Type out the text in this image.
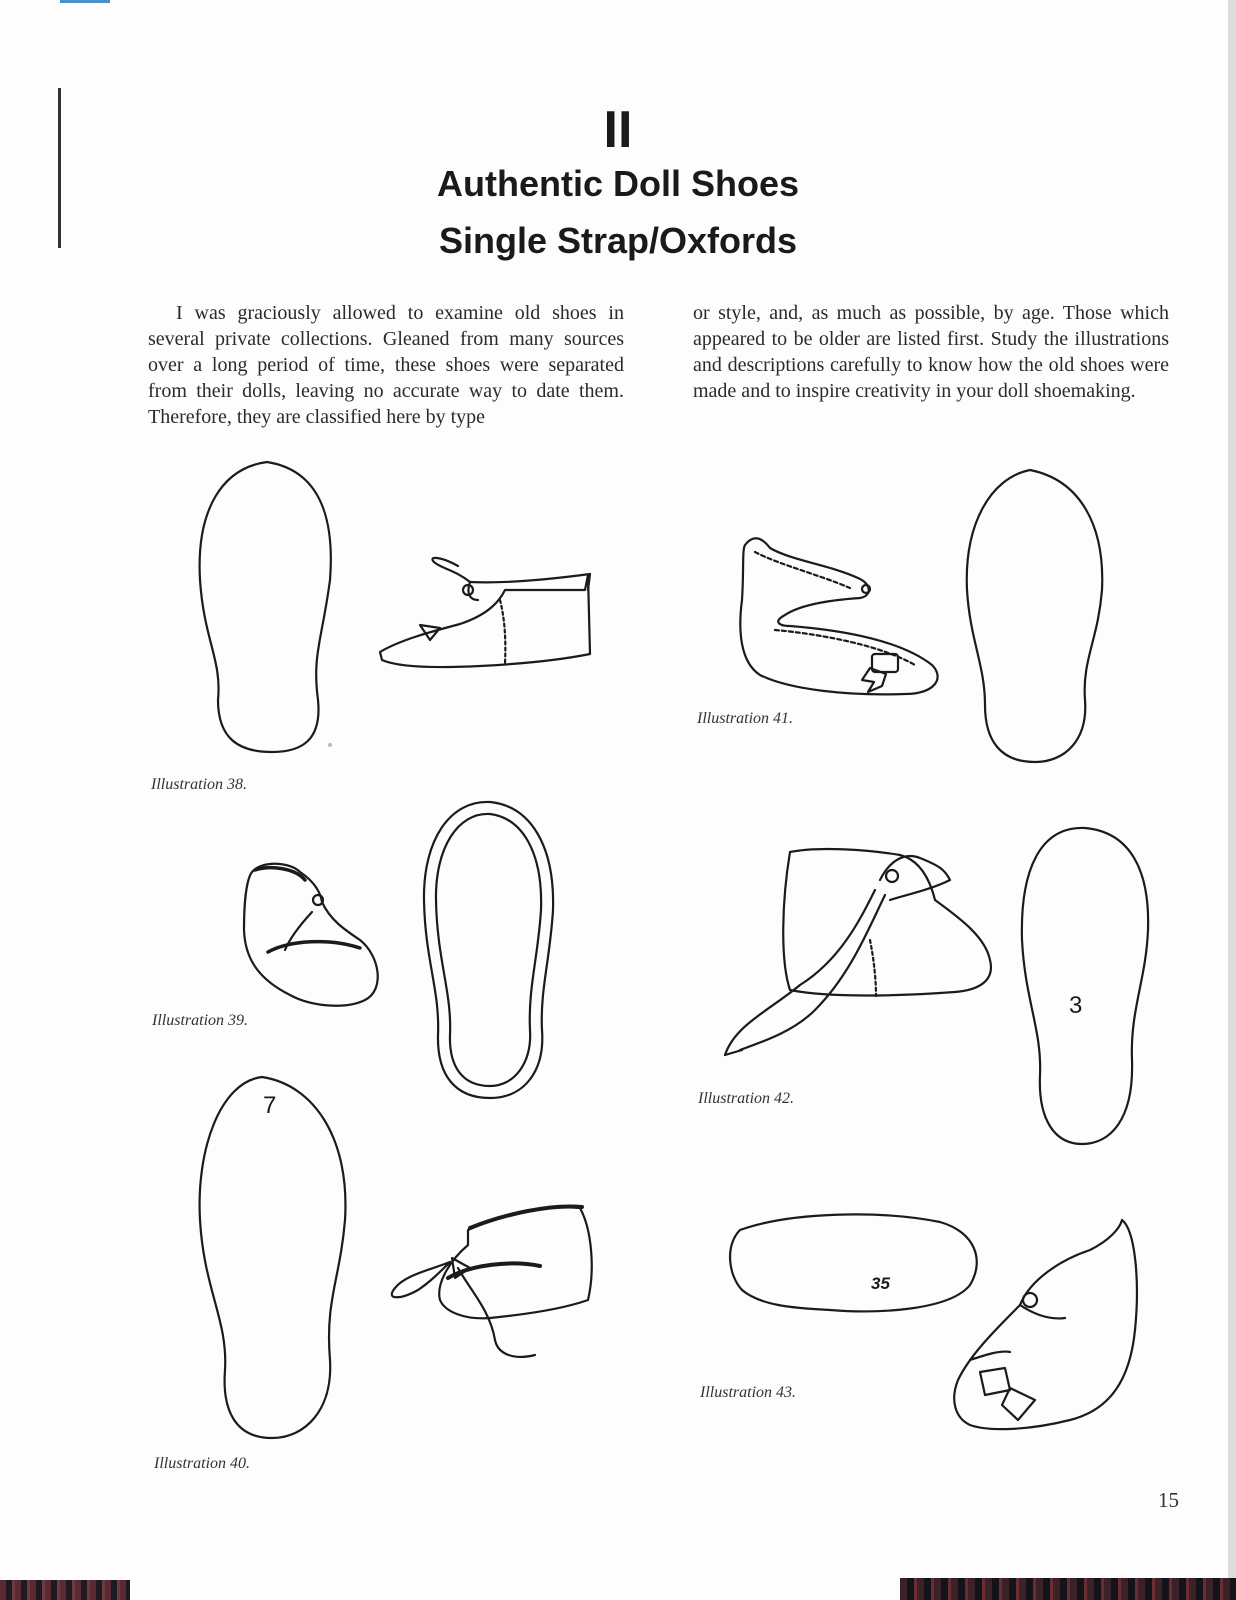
II
Authentic Doll Shoes
Single Strap/Oxfords
I was graciously allowed to examine old shoes in several private collections. Gleaned from many sources over a long period of time, these shoes were separated from their dolls, leaving no accurate way to date them. Therefore, they are classified here by type
or style, and, as much as possible, by age. Those which appeared to be older are listed first. Study the illustrations and descriptions carefully to know how the old shoes were made and to inspire creativity in your doll shoemaking.
7
3
35
Illustration 38.
Illustration 41.
Illustration 39.
Illustration 42.
Illustration 43.
Illustration 40.
15
